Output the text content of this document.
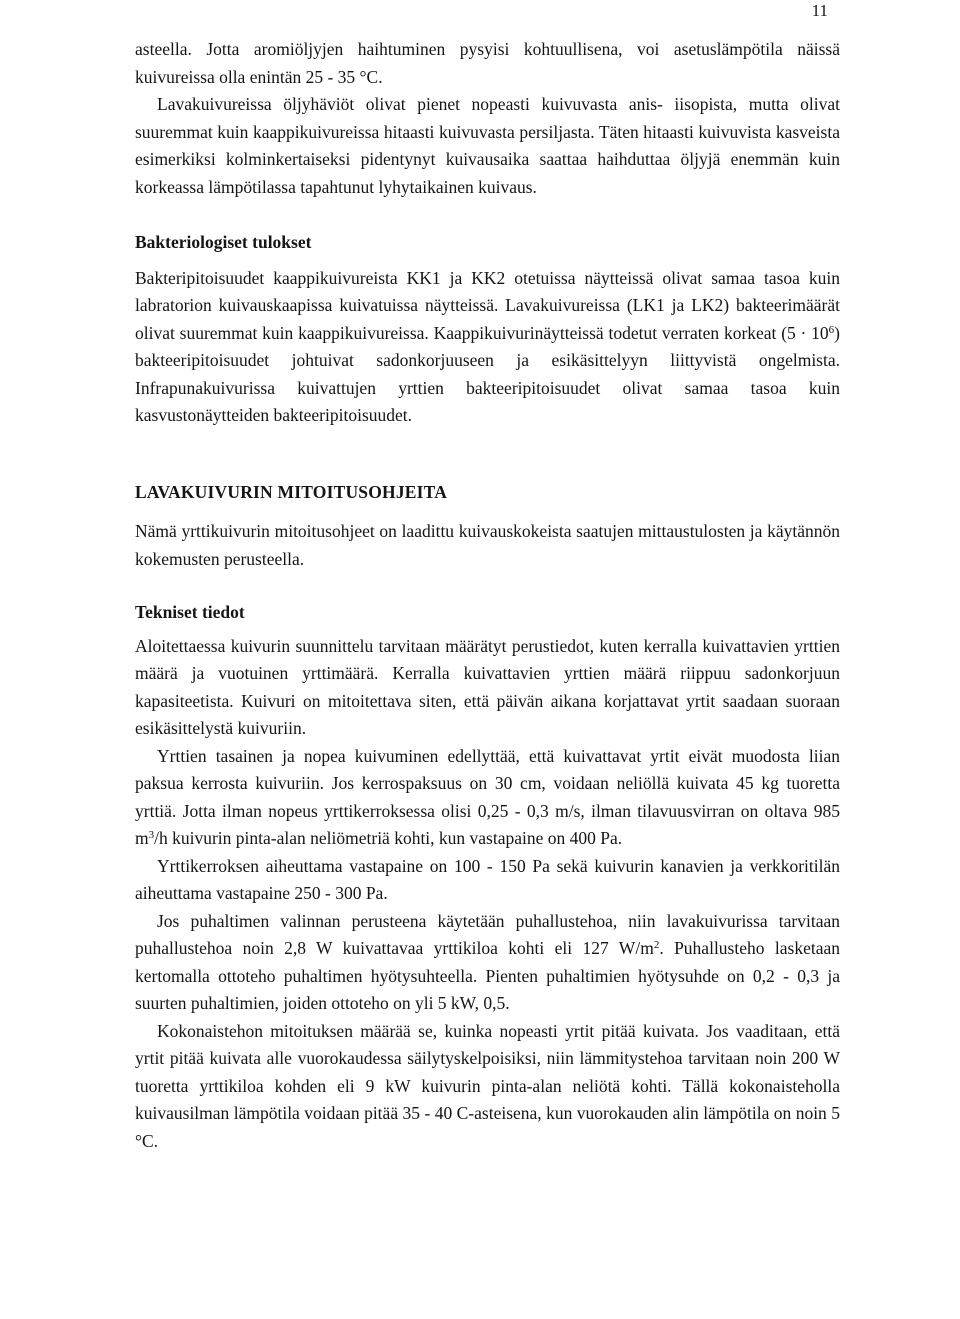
11

asteella. Jotta aromiöljyjen haihtuminen pysyisi kohtuullisena, voi asetuslämpötila näissä kuivureissa olla enintän 25 - 35 °C.

Lavakuivureissa öljyhäviöt olivat pienet nopeasti kuivuvasta anis- iisopista, mutta olivat suuremmat kuin kaappikuivureissa hitaasti kuivuvasta persiljasta. Täten hitaasti kuivuvista kasveista esimerkiksi kolminkertaiseksi pidentynyt kuivausaika saattaa haihduttaa öljyjä enemmän kuin korkeassa lämpötilassa tapahtunut lyhytaikainen kuivaus.

Bakteriologiset tulokset

Bakteripitoisuudet kaappikuivureista KK1 ja KK2 otetuissa näytteissä olivat samaa tasoa kuin labratorion kuivauskaapissa kuivatuissa näytteissä. Lavakuivureissa (LK1 ja LK2) bakteerimäärät olivat suuremmat kuin kaappikuivureissa. Kaappikuivurinäytteissä todetut verraten korkeat $(5 \cdot 10^6)$ bakteeripitoisuudet johtuivat sadonkorjuuseen ja esikäsittelyyn liittyvistä ongelmista. Infrapunakuivurissa kuivattujen yrttien bakteeripitoisuudet olivat samaa tasoa kuin kasvustonäytteiden bakteeripitoisuudet.

LAVAKUIVURIN MITOITUSOHJEITA

Nämä yrttikuivurin mitoitusohjeet on laadittu kuivauskokeista saatujen mittaustulosten ja käytännön kokemusten perusteella.

Tekniset tiedot

Aloitettaessa kuivurin suunnittelu tarvitaan määrätyt perustiedot, kuten kerralla kuivattavien yrttien määrä ja vuotuinen yrttimäärä. Kerralla kuivattavien yrttien määrä riippuu sadonkorjuun kapasiteetista. Kuivuri on mitoitettava siten, että päivän aikana korjattavat yrtit saadaan suoraan esikäsittelystä kuivuriin.

Yrttien tasainen ja nopea kuivuminen edellyttää, että kuivattavat yrtit eivät muodosta liian paksua kerrosta kuivuriin. Jos kerrospaksuus on 30 cm, voidaan neliöllä kuivata 45 kg tuoretta yrttiä. Jotta ilman nopeus yrttikerroksessa olisi 0,25 - 0,3 m/s, ilman tilavuusvirran on oltava 985 $m^3/h$ kuivurin pinta-alan neliömetriä kohti, kun vastapaine on 400 Pa.

Yrttikerroksen aiheuttama vastapaine on 100 - 150 Pa sekä kuivurin kanavien ja verkkoritilän aiheuttama vastapaine 250 - 300 Pa.

Jos puhaltimen valinnan perusteena käytetään puhallustehoa, niin lavakuivurissa tarvitaan puhallustehoa noin 2,8 W kuivattavaa yrttikiloa kohti eli 127 $W/m^2$. Puhallusteho lasketaan kertomalla ottoteho puhaltimen hyötysuhteella. Pienten puhaltimien hyötysuhde on 0,2 - 0,3 ja suurten puhaltimien, joiden ottoteho on yli 5 kW, 0,5.

Kokonaistehon mitoituksen määrää se, kuinka nopeasti yrtit pitää kuivata. Jos vaaditaan, että yrtit pitää kuivata alle vuorokaudessa säilytyskelpoisiksi, niin lämmitystehoa tarvitaan noin 200 W tuoretta yrttikiloa kohden eli 9 kW kuivurin pinta-alan neliötä kohti. Tällä kokonaisteholla kuivausilman lämpötila voidaan pitää 35 - 40 C-asteisena, kun vuorokauden alin lämpötila on noin 5 °C.
